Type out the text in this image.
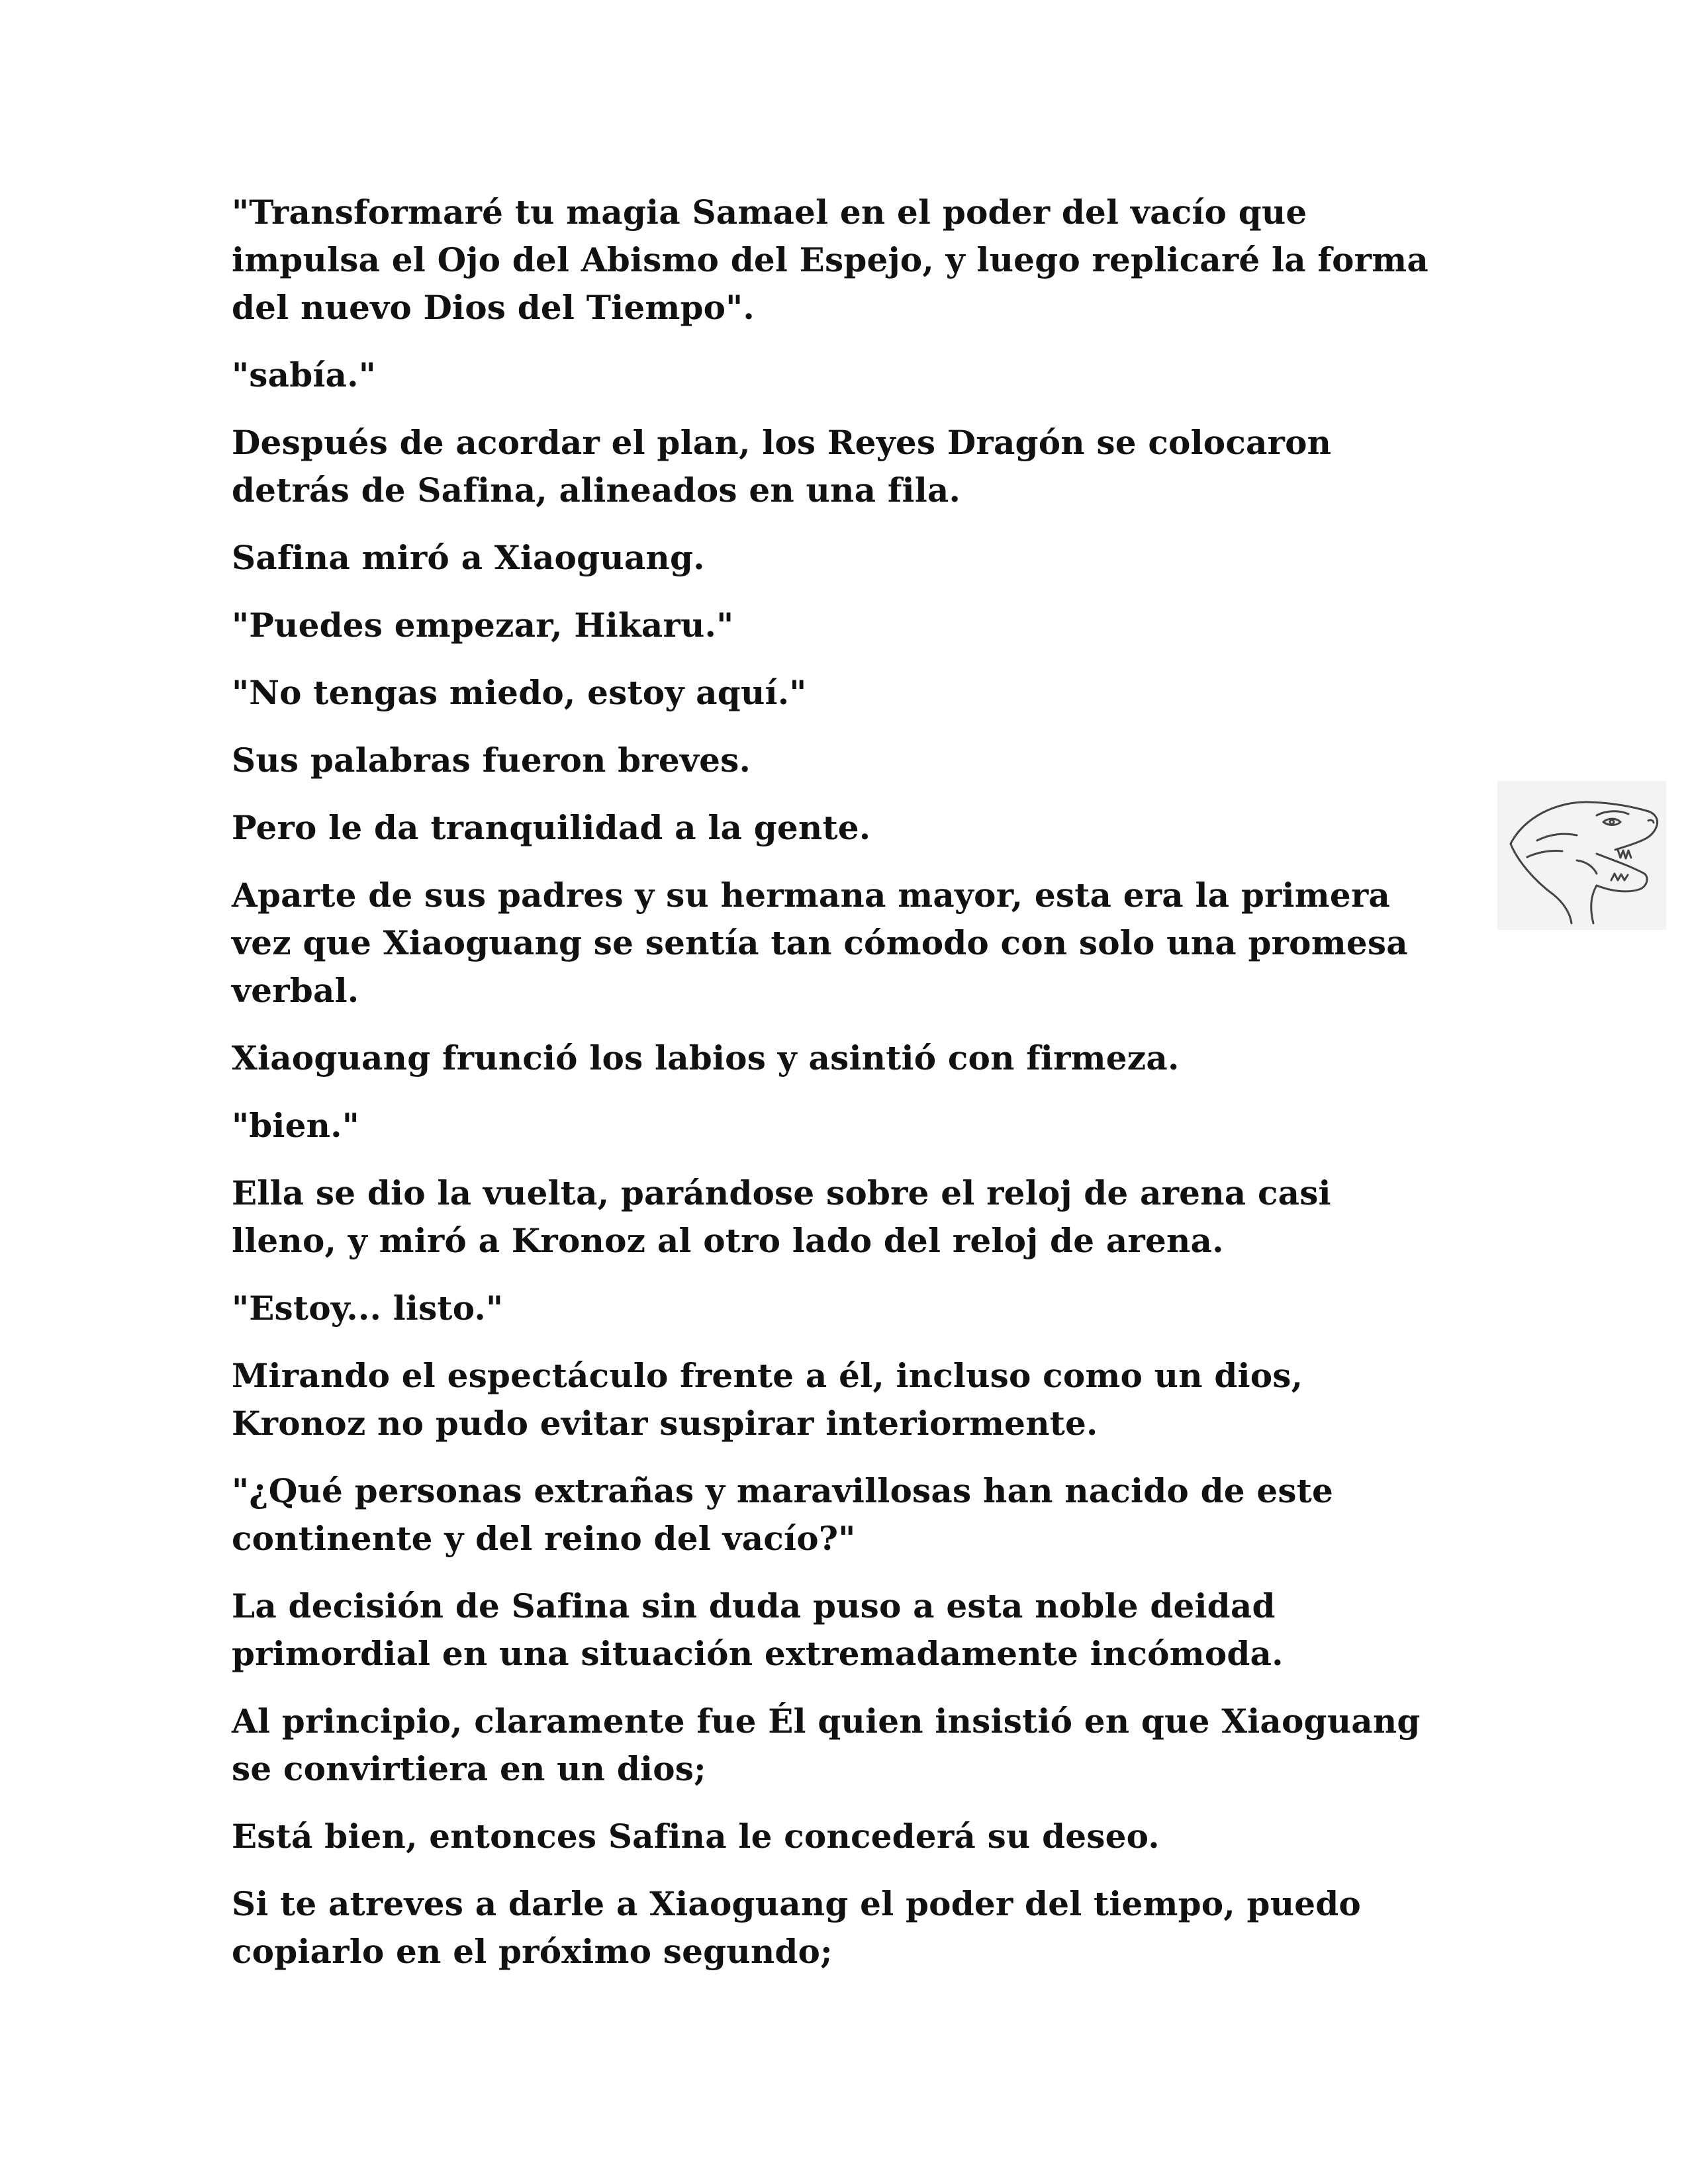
"Transformaré tu magia Samael en el poder del vacío que impulsa el Ojo del Abismo del Espejo, y luego replicaré la forma del nuevo Dios del Tiempo".

"sabía."

Después de acordar el plan, los Reyes Dragón se colocaron detrás de Safina, alineados en una fila.

Safina miró a Xiaoguang.

"Puedes empezar, Hikaru."

"No tengas miedo, estoy aquí."

Sus palabras fueron breves.

Pero le da tranquilidad a la gente.

Aparte de sus padres y su hermana mayor, esta era la primera vez que Xiaoguang se sentía tan cómodo con solo una promesa verbal.

Xiaoguang frunció los labios y asintió con firmeza.

"bien."

Ella se dio la vuelta, parándose sobre el reloj de arena casi lleno, y miró a Kronoz al otro lado del reloj de arena.

"Estoy... listo."

Mirando el espectáculo frente a él, incluso como un dios, Kronoz no pudo evitar suspirar interiormente.

"¿Qué personas extrañas y maravillosas han nacido de este continente y del reino del vacío?"

La decisión de Safina sin duda puso a esta noble deidad primordial en una situación extremadamente incómoda.

Al principio, claramente fue Él quien insistió en que Xiaoguang se convirtiera en un dios;

Está bien, entonces Safina le concederá su deseo.

Si te atreves a darle a Xiaoguang el poder del tiempo, puedo copiarlo en el próximo segundo;
